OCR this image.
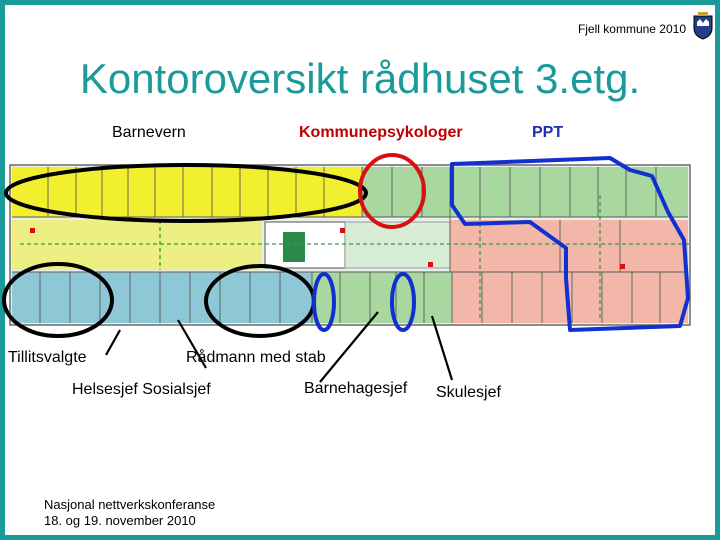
Fjell kommune 2010
Kontoroversikt rådhuset 3.etg.
Barnevern	Kommunepsykologer	PPT
Tillitsvalgte	Rådmann med stab
Helsesjef Sosialsjef	Barnehagesjef Skulesjef
Nasjonal nettverkskonferanse
18. og 19. november 2010
